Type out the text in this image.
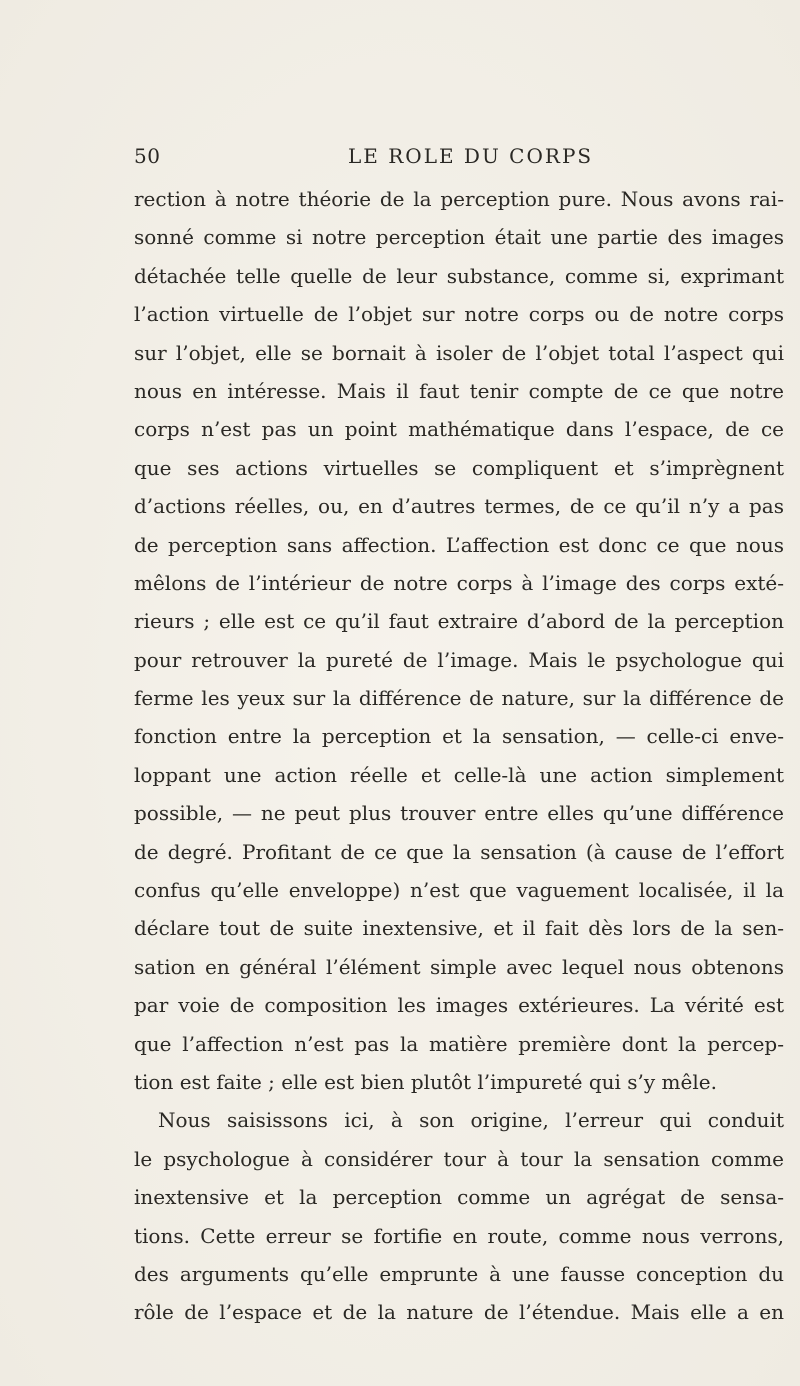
50	LE ROLE DU CORPS
rection à notre théorie de la perception pure. Nous avons rai-
sonné comme si notre perception était une partie des images
détachée telle quelle de leur substance, comme si, exprimant
l’action virtuelle de l’objet sur notre corps ou de notre corps
sur l’objet, elle se bornait à isoler de l’objet total l’aspect qui
nous en intéresse. Mais il faut tenir compte de ce que notre
corps n’est pas un point mathématique dans l’espace, de ce
que ses actions virtuelles se compliquent et s’imprègnent
d’actions réelles, ou, en d’autres termes, de ce qu’il n’y a pas
de perception sans affection. L’affection est donc ce que nous
mêlons de l’intérieur de notre corps à l’image des corps exté-
rieurs ; elle est ce qu’il faut extraire d’abord de la perception
pour retrouver la pureté de l’image. Mais le psychologue qui
ferme les yeux sur la différence de nature, sur la différence de
fonction entre la perception et la sensation, — celle-ci enve-
loppant une action réelle et celle-là une action simplement
possible, — ne peut plus trouver entre elles qu’une différence
de degré. Profitant de ce que la sensation (à cause de l’effort
confus qu’elle enveloppe) n’est que vaguement localisée, il la
déclare tout de suite inextensive, et il fait dès lors de la sen-
sation en général l’élément simple avec lequel nous obtenons
par voie de composition les images extérieures. La vérité est
que l’affection n’est pas la matière première dont la percep-
tion est faite ; elle est bien plutôt l’impureté qui s’y mêle.
Nous saisissons ici, à son origine, l’erreur qui conduit
le psychologue à considérer tour à tour la sensation comme
inextensive et la perception comme un agrégat de sensa-
tions. Cette erreur se fortifie en route, comme nous verrons,
des arguments qu’elle emprunte à une fausse conception du
rôle de l’espace et de la nature de l’étendue. Mais elle a en
